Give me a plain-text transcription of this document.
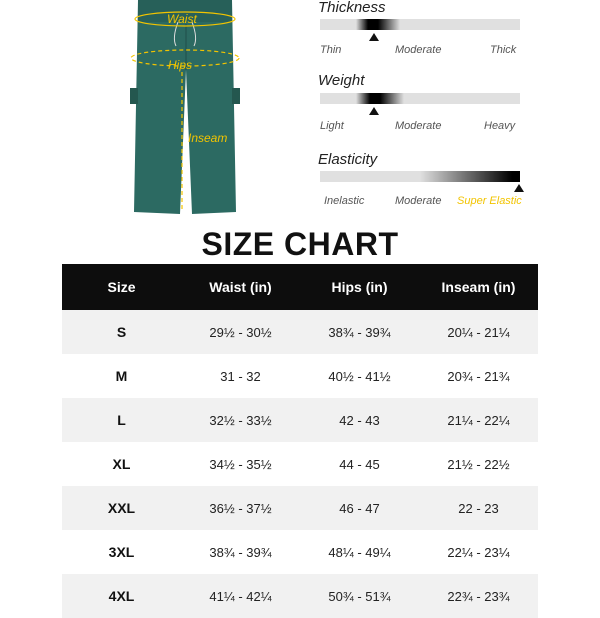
Waist
Hips
Inseam
Thickness
Thin	Moderate	Thick
Weight
Light	Moderate	Heavy
Elasticity
Inelastic	Moderate Super Elastic
SIZE CHART
Size	Waist (in)	Hips (in)	Inseam (in)
S	29½ - 30½	38¾ - 39¾	20¼ - 21¼
M	31 - 32	40½ - 41½	20¾ - 21¾
L	32½ - 33½	42 - 43	21¼ - 22¼
XL	34½ - 35½	44 - 45	21½ - 22½
XXL	36½ - 37½	46 - 47	22 - 23
3XL	38¾ - 39¾	48¼ - 49¼	22¼ - 23¼
4XL	41¼ - 42¼	50¾ - 51¾	22¾ - 23¾
